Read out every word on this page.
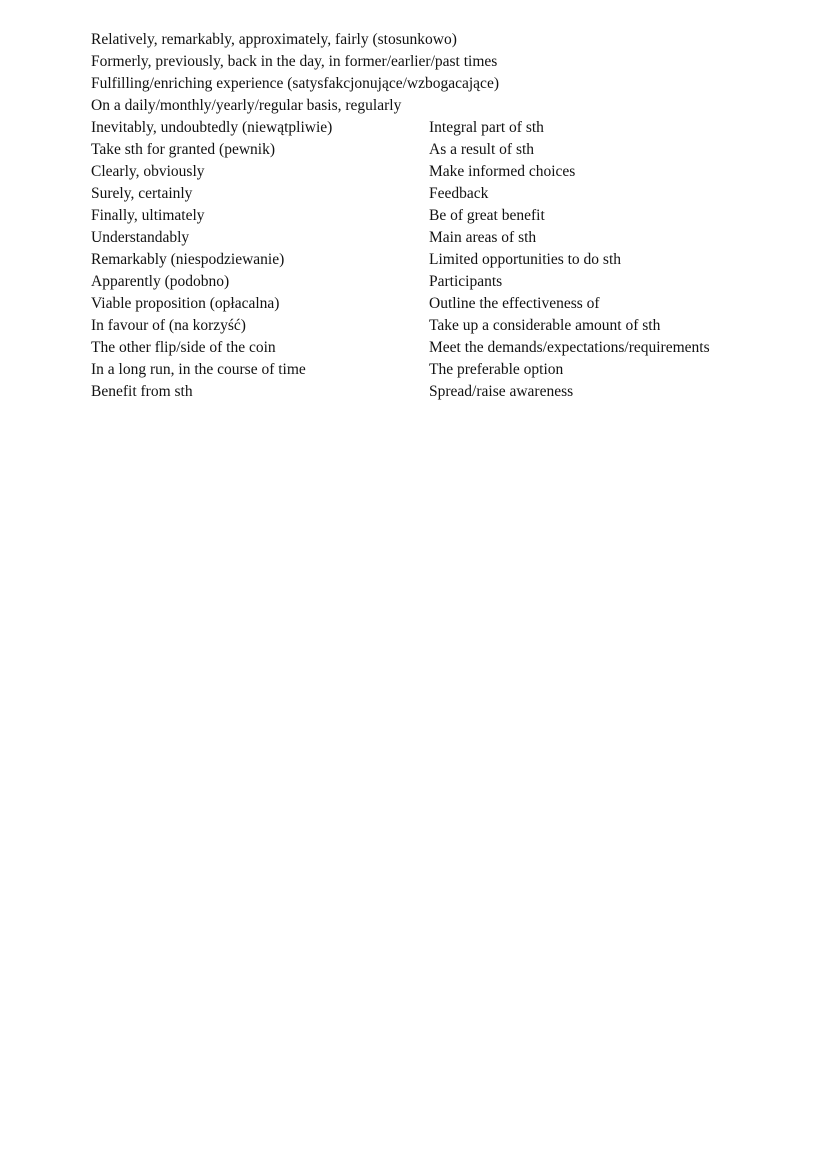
Relatively, remarkably, approximately, fairly (stosunkowo)
Formerly, previously, back in the day, in former/earlier/past times
Fulfilling/enriching experience (satysfakcjonujące/wzbogacające)
On a daily/monthly/yearly/regular basis, regularly
Inevitably, undoubtedly (niewątpliwie)
Take sth for granted (pewnik)
Clearly, obviously
Surely, certainly
Finally, ultimately
Understandably
Remarkably (niespodziewanie)
Apparently (podobno)
Viable proposition (opłacalna)
In favour of (na korzyść)
The other flip/side of the coin
In a long run, in the course of time
Benefit from sth
Integral part of sth
As a result of sth
Make informed choices
Feedback
Be of great benefit
Main areas of sth
Limited opportunities to do sth
Participants
Outline the effectiveness of
Take up a considerable amount of sth
Meet the demands/expectations/requirements
The preferable option
Spread/raise awareness
